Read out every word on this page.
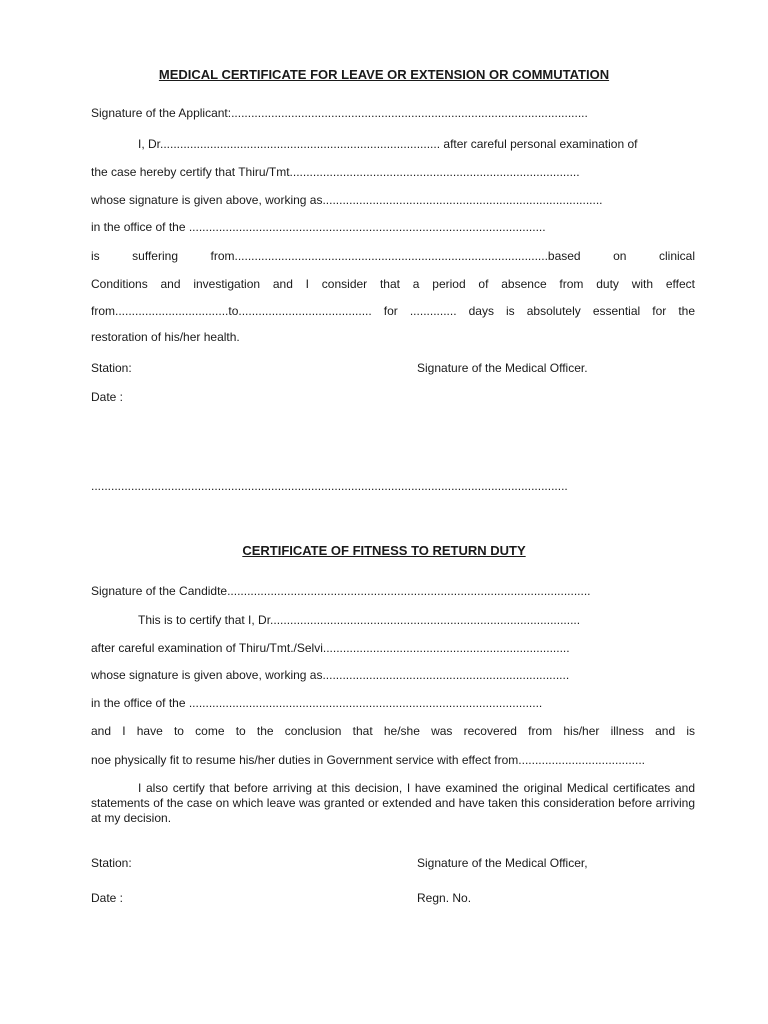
MEDICAL CERTIFICATE FOR LEAVE OR EXTENSION OR COMMUTATION
Signature of the Applicant:...........................................................................................................
I, Dr.................................................................................... after careful personal examination of
the case hereby certify that Thiru/Tmt.......................................................................................
whose signature is given above, working as....................................................................................
in the office of the ...........................................................................................................
is suffering from..............................................................................................based on clinical
Conditions and investigation and I consider that a period of absence from duty with effect
from..................................to........................................ for .............. days is absolutely essential for the
restoration of his/her health.
Station:	Signature of the Medical Officer.
Date :
...............................................................................................................................................
CERTIFICATE OF FITNESS TO RETURN DUTY
Signature of the Candidte.............................................................................................................
This is to certify that I, Dr.............................................................................................
after careful examination of Thiru/Tmt./Selvi..........................................................................
whose signature is given above, working as..........................................................................
in the office of the ..........................................................................................................
and I have to come to the conclusion that he/she was recovered from his/her illness and is
noe physically fit to resume his/her duties in Government service with effect from......................................
I also certify that before arriving at this decision, I have examined the original Medical certificates and statements of the case on which leave was granted or extended and have taken this consideration before arriving at my decision.
Station:	Signature of the Medical Officer,
Date :	Regn. No.
